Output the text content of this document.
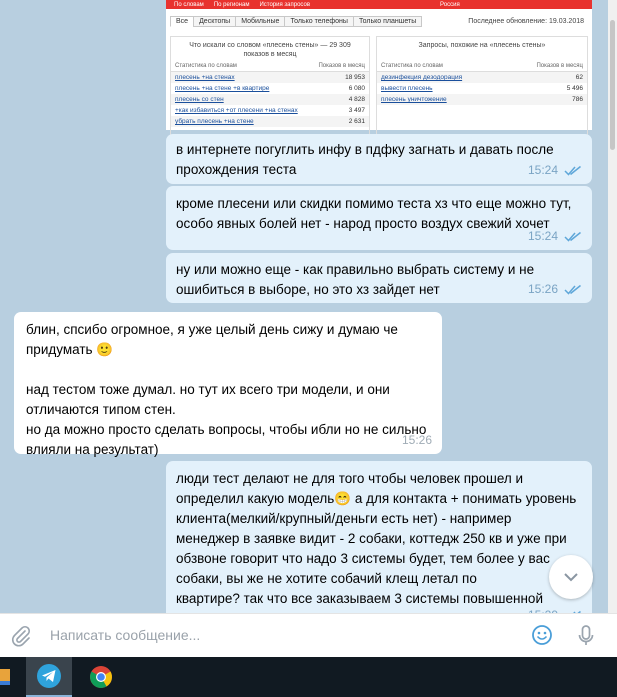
По словам По регионам История запросов	Россия
Все	Десктопы	Мобильные	Только телефоны	Только планшеты	Последнее обновление: 19.03.2018
Что искали со словом «плесень стены» — 29 309 показов в месяц
Статистика по словам	Показов в месяц
плесень +на стенах	18 953
плесень +на стене +в квартире	6 080
плесень со стен	4 828
+как избавиться +от плесени +на стенах	3 497
убрать плесень +на стене	2 631
Запросы, похожие на «плесень стены»
Статистика по словам	Показов в месяц
дезинфекция дезодорация	62
вывести плесень	5 496
плесень уничтожение	786
в интернете погуглить инфу в пдфку загнать и давать после
прохождения теста	15:24
кроме плесени или скидки помимо теста хз что еще можно тут,
особо явных болей нет - народ просто воздух свежий хочет
15:24
ну или можно еще - как правильно выбрать систему и не
ошибиться в выборе, но это хз зайдет нет	15:26
блин, спсибо огромное, я уже целый день сижу и думаю че
придумать 🙂

над тестом тоже думал. но тут их всего три модели, и они
отличаются типом стен.
но да можно просто сделать вопросы, чтобы ибли но не сильно
влияли на результат)
15:26
люди тест делают не для того чтобы человек прошел и
определил какую модель😁 а для контакта + понимать уровень
клиента(мелкий/крупный/деньги есть нет) - например
менеджер в заявке видит - 2 собаки, коттедж 250 кв и уже при
обзвоне говорит что надо 3 системы будет, тем более у вас
собаки, вы же не хотите собачий клещ летал по
квартире? так что все заказываем 3 системы повышенной

Написать сообщение...
